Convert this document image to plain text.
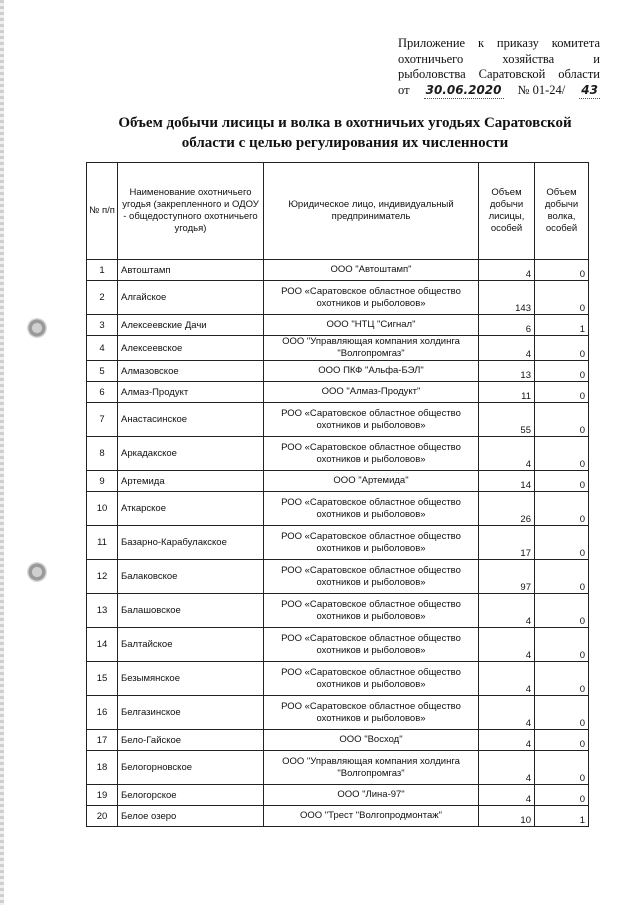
Приложение к приказу комитета
охотничьего хозяйства и
рыболовства Саратовской области
от 30.06.2020 № 01-24/ 43
Объем добычи лисицы и волка в охотничьих угодьях Саратовской
области с целью регулирования их численности
№ п/п	Наименование охотничьего угодья (закрепленного и ОДОУ - общедоступного охотничьего угодья)	Юридическое лицо, индивидуальный предприниматель	Объем добычи лисицы, особей	Объем добычи волка, особей
1	Автоштамп	ООО "Автоштамп"	4	0
2	Алгайское	РОО «Саратовское областное общество охотников и рыболовов»	143	0
3	Алексеевские Дачи	ООО "НТЦ "Сигнал"	6	1
4	Алексеевское	ООО "Управляющая компания холдинга "Волгопромгаз"	4	0
5	Алмазовское	ООО ПКФ "Альфа-БЭЛ"	13	0
6	Алмаз-Продукт	ООО "Алмаз-Продукт"	11	0
7	Анастасинское	РОО «Саратовское областное общество охотников и рыболовов»	55	0
8	Аркадакское	РОО «Саратовское областное общество охотников и рыболовов»	4	0
9	Артемида	ООО "Артемида"	14	0
10	Аткарское	РОО «Саратовское областное общество охотников и рыболовов»	26	0
11	Базарно-Карабулакское	РОО «Саратовское областное общество охотников и рыболовов»	17	0
12	Балаковское	РОО «Саратовское областное общество охотников и рыболовов»	97	0
13	Балашовское	РОО «Саратовское областное общество охотников и рыболовов»	4	0
14	Балтайское	РОО «Саратовское областное общество охотников и рыболовов»	4	0
15	Безымянское	РОО «Саратовское областное общество охотников и рыболовов»	4	0
16	Белгазинское	РОО «Саратовское областное общество охотников и рыболовов»	4	0
17	Бело-Гайское	ООО "Восход"	4	0
18	Белогорновское	ООО "Управляющая компания холдинга "Волгопромгаз"	4	0
19	Белогорское	ООО "Лина-97"	4	0
20	Белое озеро	ООО "Трест "Волгопродмонтаж"	10	1
